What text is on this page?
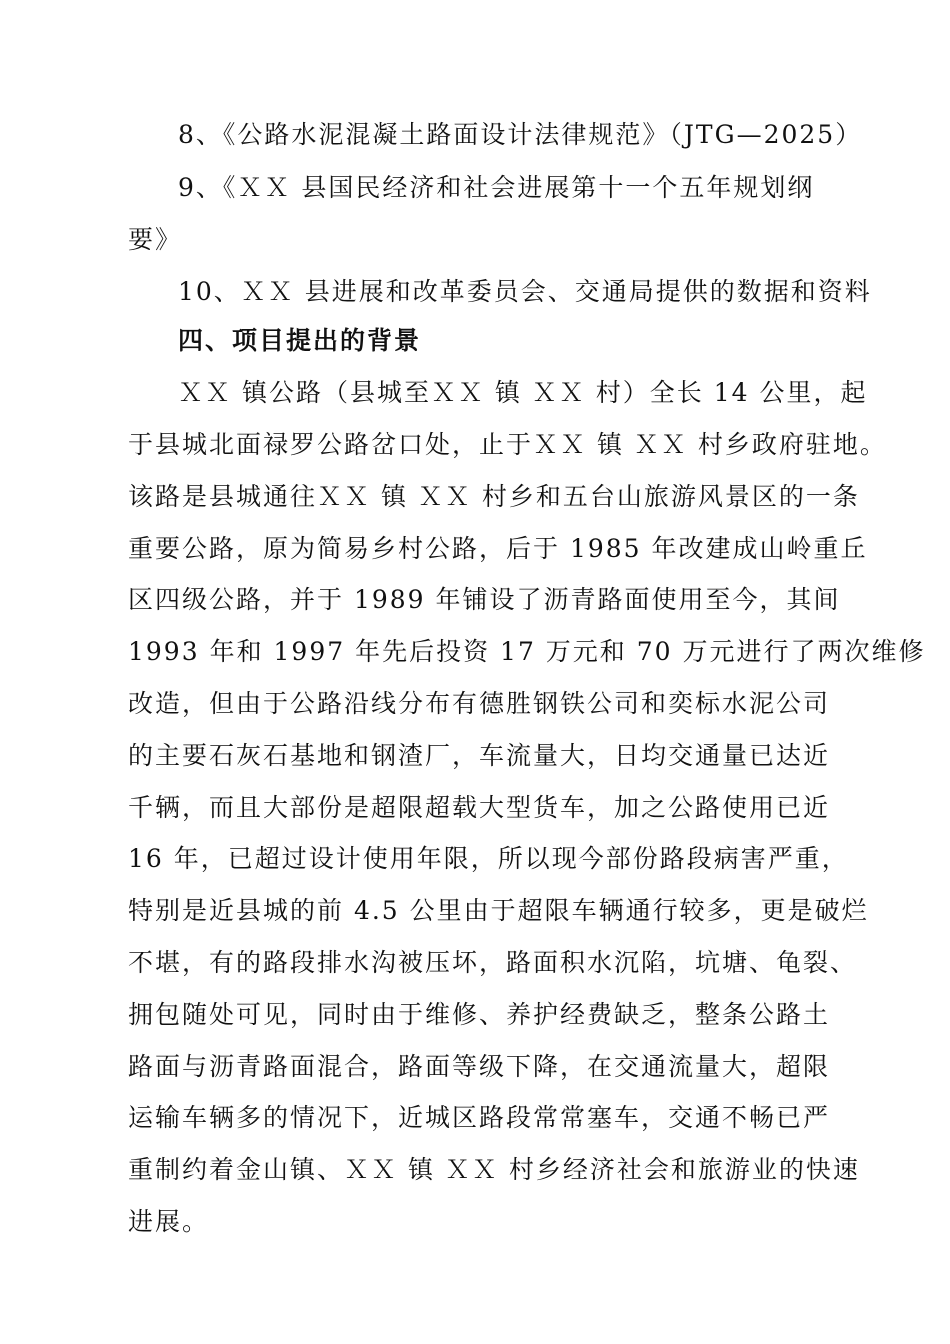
8、《公路水泥混凝土路面设计法律规范》（JTG—2025）
9、《ＸＸ 县国民经济和社会进展第十一个五年规划纲
要》
10、ＸＸ 县进展和改革委员会、交通局提供的数据和资料
四、项目提出的背景
ＸＸ 镇公路（县城至ＸＸ 镇 ＸＸ 村）全长 14 公里，起
于县城北面禄罗公路岔口处，止于ＸＸ 镇 ＸＸ 村乡政府驻地。
该路是县城通往ＸＸ 镇 ＸＸ 村乡和五台山旅游风景区的一条
重要公路，原为简易乡村公路，后于 1985 年改建成山岭重丘
区四级公路，并于 1989 年铺设了沥青路面使用至今，其间
1993 年和 1997 年先后投资 17 万元和 70 万元进行了两次维修
改造，但由于公路沿线分布有德胜钢铁公司和奕标水泥公司
的主要石灰石基地和钢渣厂，车流量大，日均交通量已达近
千辆，而且大部份是超限超载大型货车，加之公路使用已近
16 年，已超过设计使用年限，所以现今部份路段病害严重，
特别是近县城的前 4.5 公里由于超限车辆通行较多，更是破烂
不堪，有的路段排水沟被压坏，路面积水沉陷，坑塘、龟裂、
拥包随处可见，同时由于维修、养护经费缺乏，整条公路土
路面与沥青路面混合，路面等级下降，在交通流量大，超限
运输车辆多的情况下，近城区路段常常塞车，交通不畅已严
重制约着金山镇、ＸＸ 镇 ＸＸ 村乡经济社会和旅游业的快速
进展。
